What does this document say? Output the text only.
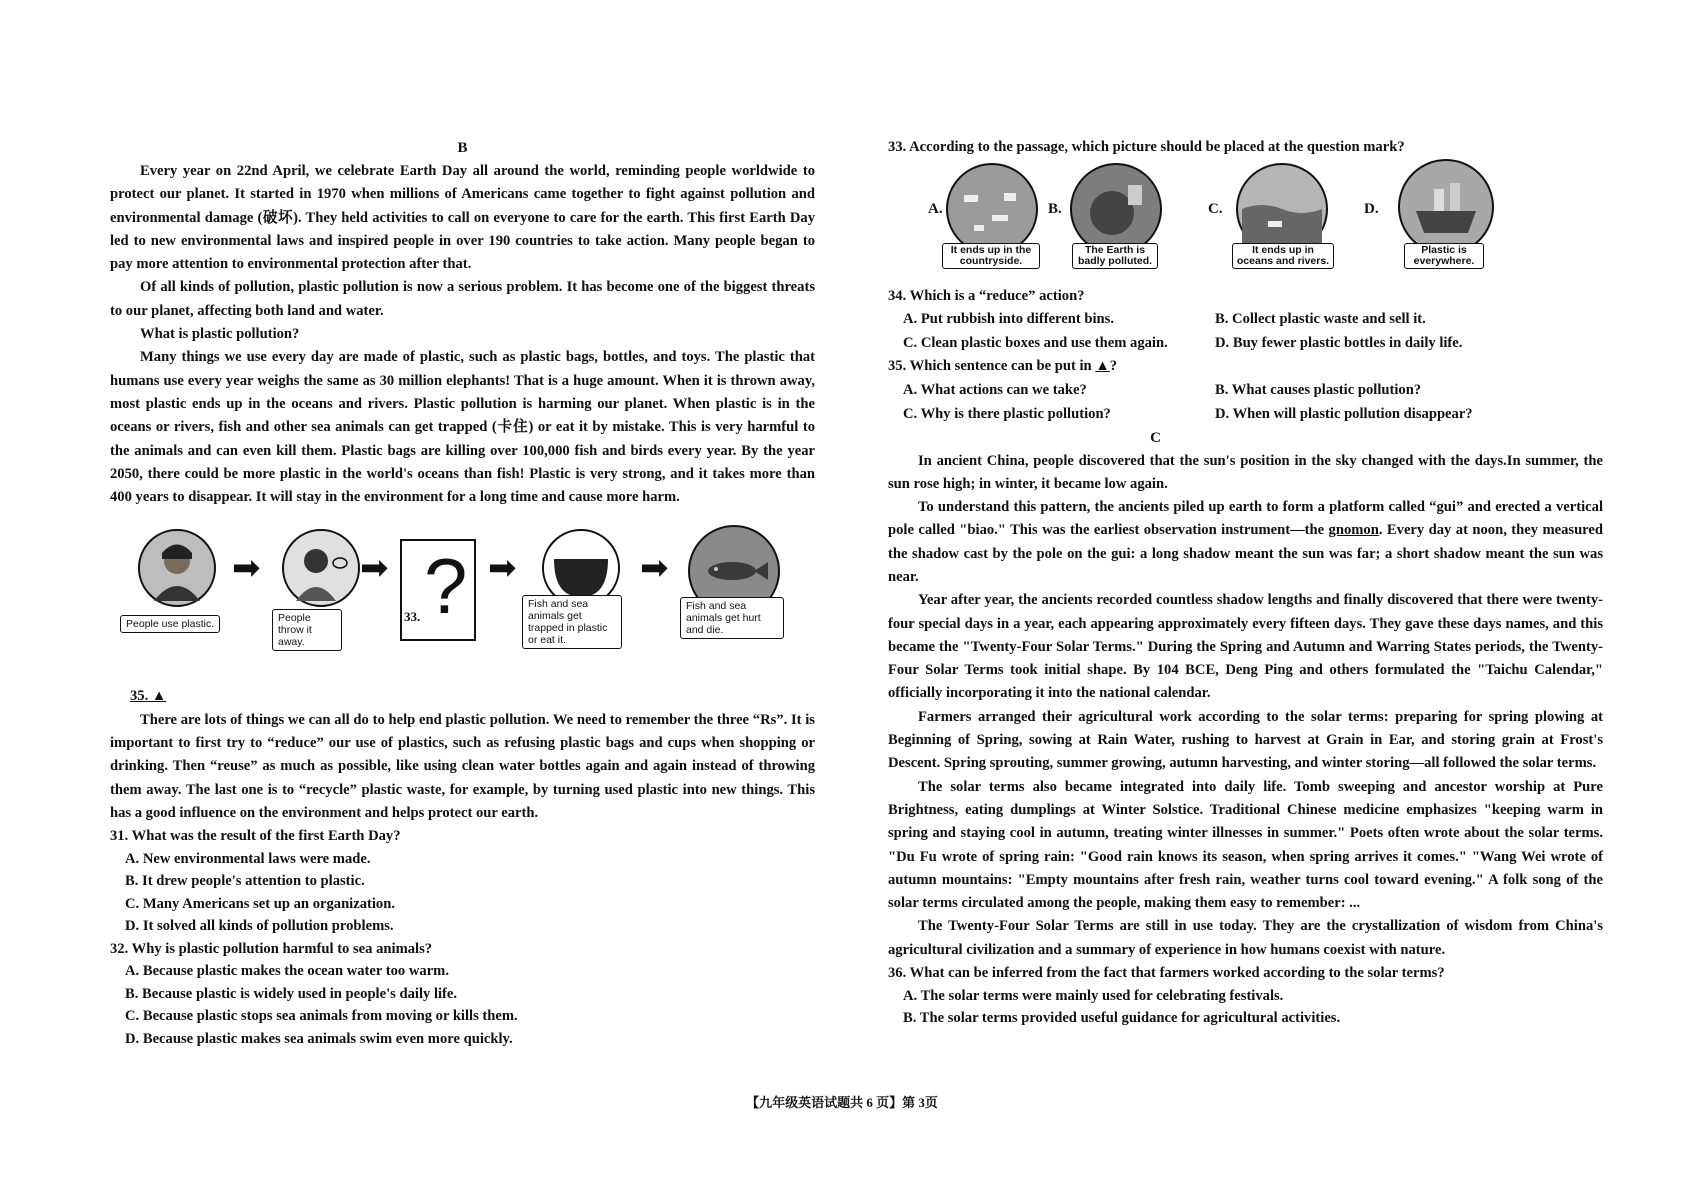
B

Every year on 22nd April, we celebrate Earth Day all around the world, reminding people worldwide to protect our planet. It started in 1970 when millions of Americans came together to fight against pollution and environmental damage (破坏). They held activities to call on everyone to care for the earth. This first Earth Day led to new environmental laws and inspired people in over 190 countries to take action. Many people began to pay more attention to environmental protection after that.

Of all kinds of pollution, plastic pollution is now a serious problem. It has become one of the biggest threats to our planet, affecting both land and water.

What is plastic pollution?

Many things we use every day are made of plastic, such as plastic bags, bottles, and toys. The plastic that humans use every year weighs the same as 30 million elephants! That is a huge amount. When it is thrown away, most plastic ends up in the oceans and rivers. Plastic pollution is harming our planet. When plastic is in the oceans or rivers, fish and other sea animals can get trapped (卡住) or eat it by mistake. This is very harmful to the animals and can even kill them. Plastic bags are killing over 100,000 fish and birds every year. By the year 2050, there could be more plastic in the world's oceans than fish! Plastic is very strong, and it takes more than 400 years to disappear. It will stay in the environment for a long time and cause more harm.

People use plastic.
➡
People throw it away.
➡ ?
33.
➡
Fish and sea animals get trapped in plastic or eat it.
➡
Fish and sea animals get hurt and die.

35. ▲

There are lots of things we can all do to help end plastic pollution. We need to remember the three “Rs”. It is important to first try to “reduce” our use of plastics, such as refusing plastic bags and cups when shopping or drinking. Then “reuse” as much as possible, like using clean water bottles again and again instead of throwing them away. The last one is to “recycle” plastic waste, for example, by turning used plastic into new things. This has a good influence on the environment and helps protect our earth.

31. What was the result of the first Earth Day?
A. New environmental laws were made.
B. It drew people's attention to plastic.
C. Many Americans set up an organization.
D. It solved all kinds of pollution problems.
32. Why is plastic pollution harmful to sea animals?
A. Because plastic makes the ocean water too warm.
B. Because plastic is widely used in people's daily life.
C. Because plastic stops sea animals from moving or kills them.
D. Because plastic makes sea animals swim even more quickly.
33. According to the passage, which picture should be placed at the question mark?
A.
It ends up in the countryside.
B.
The Earth is badly polluted.
C.
It ends up in oceans and rivers.
D.
Plastic is everywhere.
34. Which is a “reduce” action?
A. Put rubbish into different bins.	B. Collect plastic waste and sell it.
C. Clean plastic boxes and use them again.	D. Buy fewer plastic bottles in daily life.
35. Which sentence can be put in ▲?
A. What actions can we take?	B. What causes plastic pollution?
C. Why is there plastic pollution?	D. When will plastic pollution disappear?
C

In ancient China, people discovered that the sun's position in the sky changed with the days.In summer, the sun rose high; in winter, it became low again.

To understand this pattern, the ancients piled up earth to form a platform called “gui” and erected a vertical pole called "biao." This was the earliest observation instrument—the gnomon. Every day at noon, they measured the shadow cast by the pole on the gui: a long shadow meant the sun was far; a short shadow meant the sun was near.

Year after year, the ancients recorded countless shadow lengths and finally discovered that there were twenty-four special days in a year, each appearing approximately every fifteen days. They gave these days names, and this became the "Twenty-Four Solar Terms." During the Spring and Autumn and Warring States periods, the Twenty-Four Solar Terms took initial shape. By 104 BCE, Deng Ping and others formulated the "Taichu Calendar," officially incorporating it into the national calendar.

Farmers arranged their agricultural work according to the solar terms: preparing for spring plowing at Beginning of Spring, sowing at Rain Water, rushing to harvest at Grain in Ear, and storing grain at Frost's Descent. Spring sprouting, summer growing, autumn harvesting, and winter storing—all followed the solar terms.

The solar terms also became integrated into daily life. Tomb sweeping and ancestor worship at Pure Brightness, eating dumplings at Winter Solstice. Traditional Chinese medicine emphasizes "keeping warm in spring and staying cool in autumn, treating winter illnesses in summer." Poets often wrote about the solar terms. "Du Fu wrote of spring rain: "Good rain knows its season, when spring arrives it comes." "Wang Wei wrote of autumn mountains: "Empty mountains after fresh rain, weather turns cool toward evening." A folk song of the solar terms circulated among the people, making them easy to remember: ...

The Twenty-Four Solar Terms are still in use today. They are the crystallization of wisdom from China's agricultural civilization and a summary of experience in how humans coexist with nature.

36. What can be inferred from the fact that farmers worked according to the solar terms?
A. The solar terms were mainly used for celebrating festivals.
B. The solar terms provided useful guidance for agricultural activities.
【九年级英语试题共 6 页】第 3页
